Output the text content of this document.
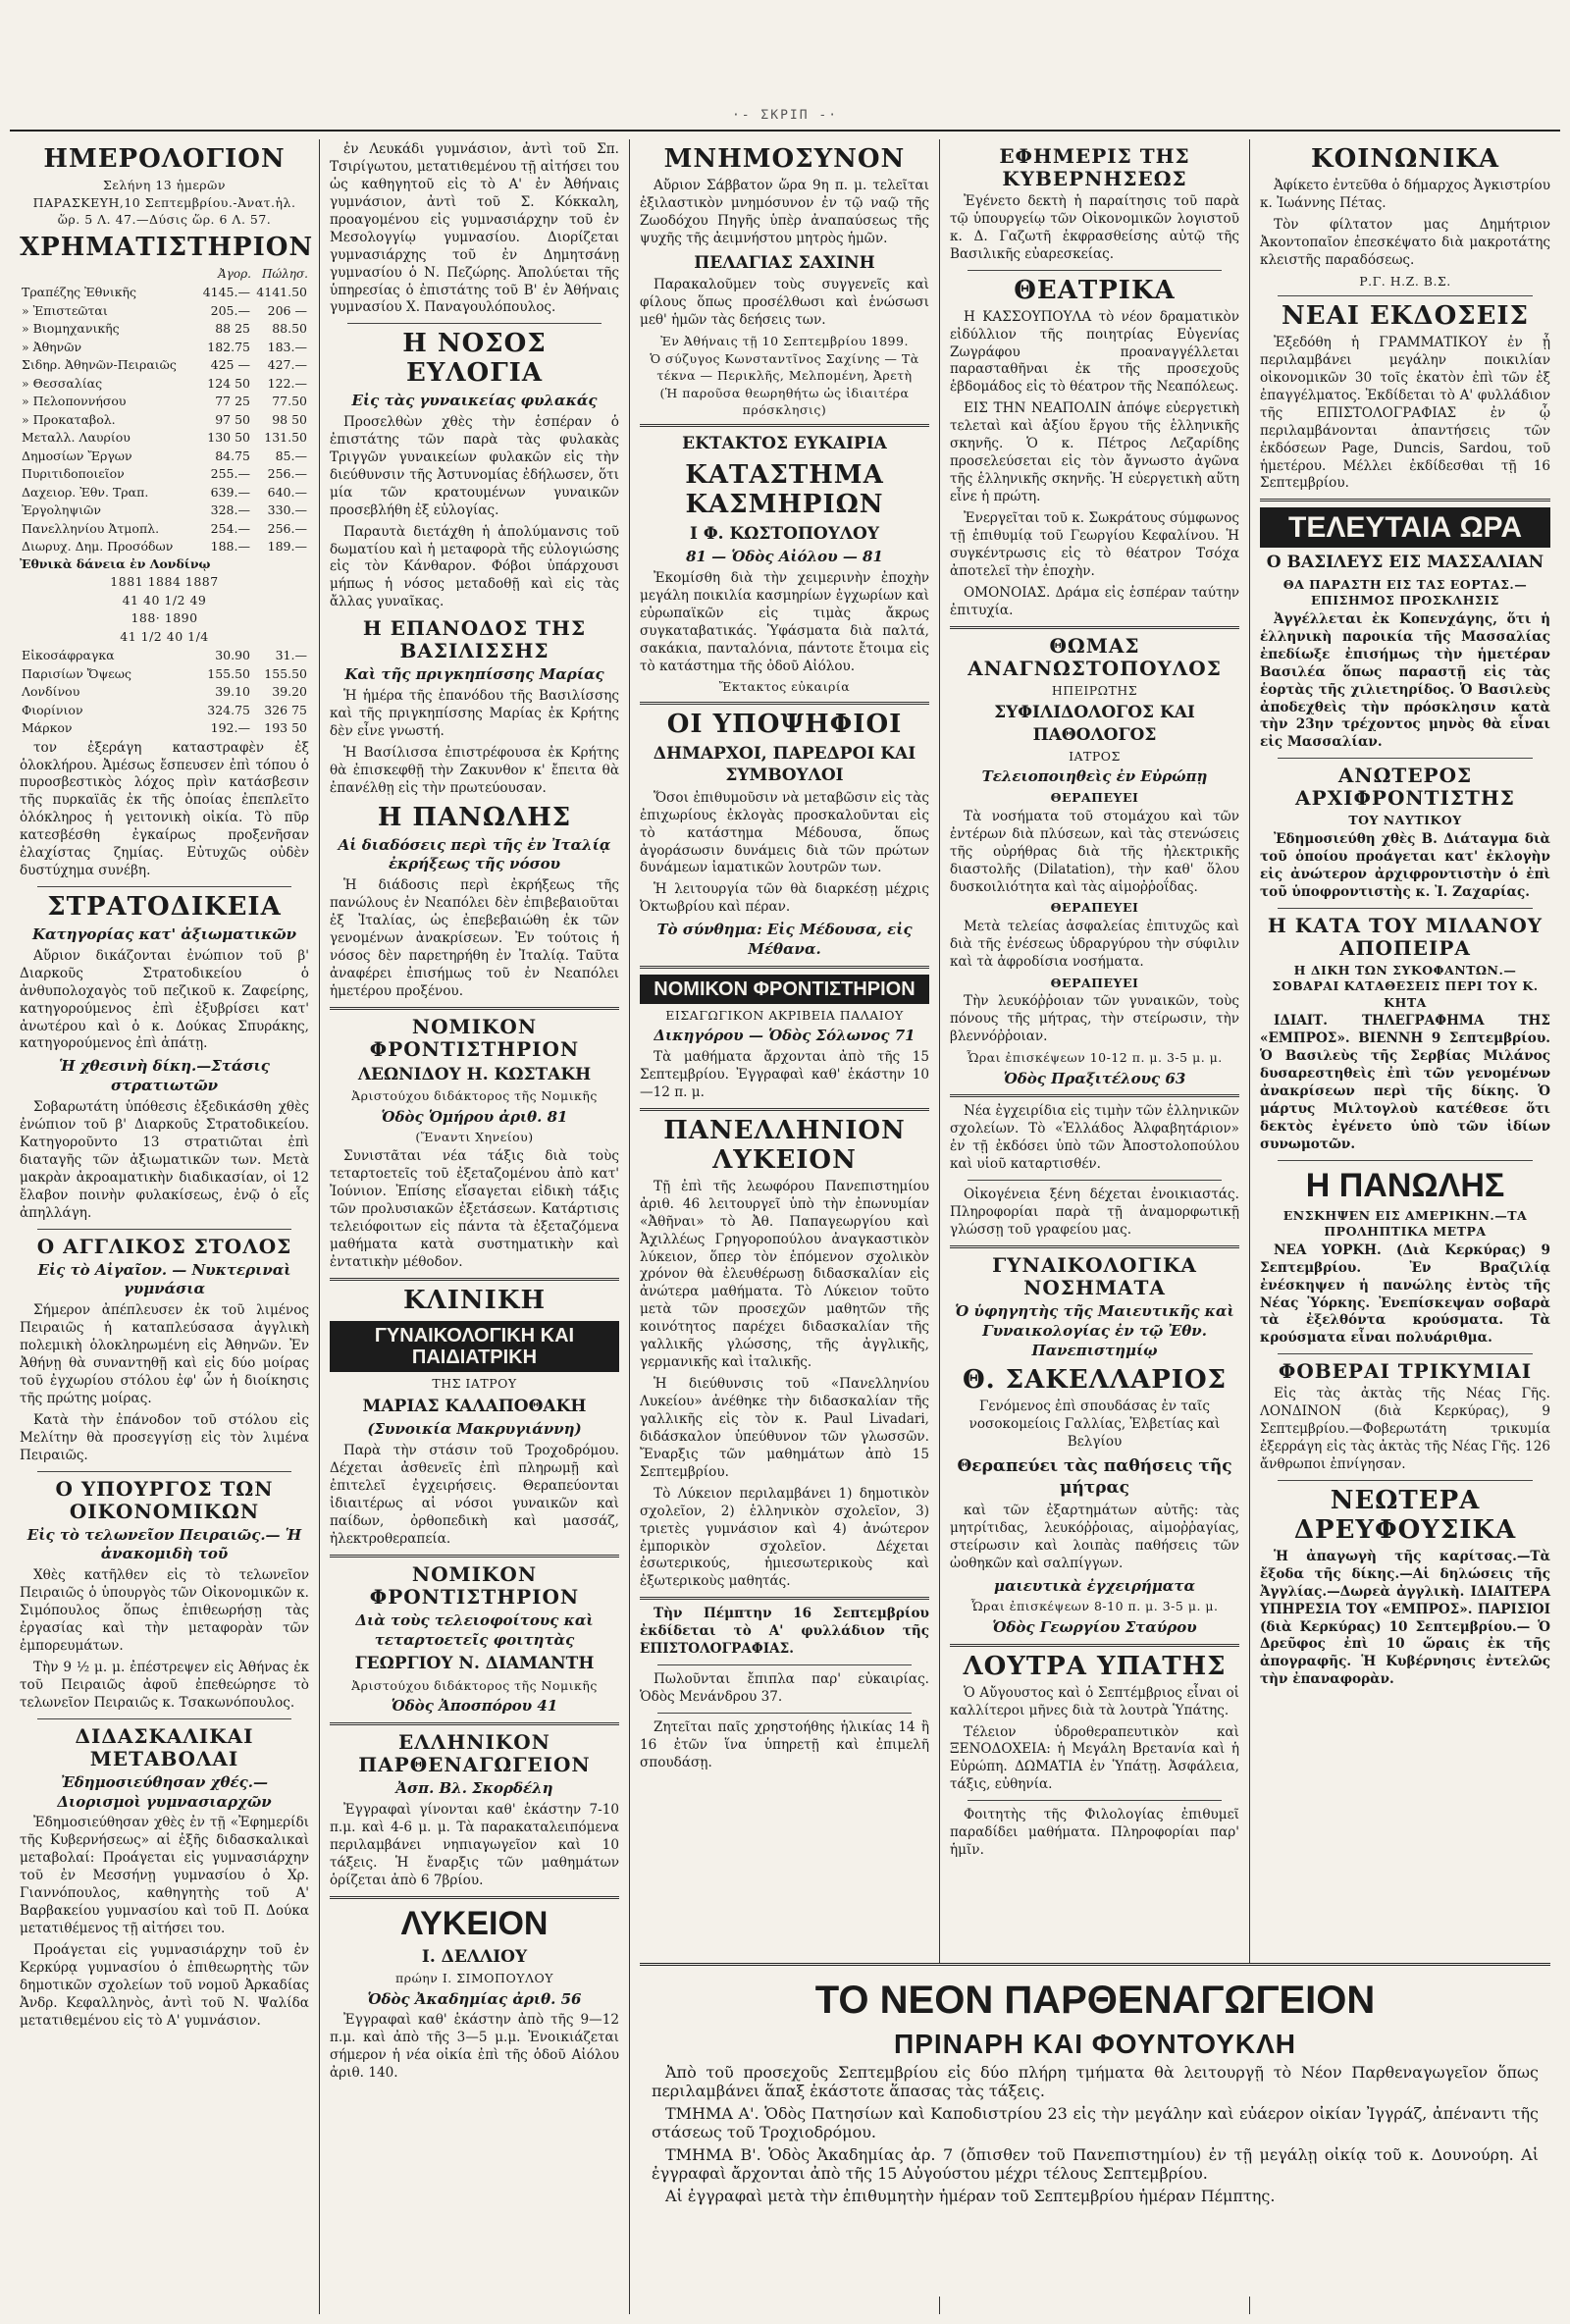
·‑ ΣΚΡΙΠ ‑·
ΗΜΕΡΟΛΟΓΙΟΝ
Σελήνη 13 ἡμερῶν
ΠΑΡΑΣΚΕΥΗ,10 Σεπτεμβρίου.-Ἀνατ.ἡλ. ὥρ. 5 Λ. 47.—Δύσις ὥρ. 6 Λ. 57.
ΧΡΗΜΑΤΙΣΤΗΡΙΟΝ
	Ἀγορ.	Πώλησ.
Τραπέζης Ἐθνικῆς	4145.—	4141.50
» Ἐπιστεῶται	205.—	206 —
» Βιομηχανικῆς	88 25	88.50
» Ἀθηνῶν	182.75	183.—
Σιδηρ. Ἀθηνῶν-Πειραιῶς	425 —	427.—
» Θεσσαλίας	124 50	122.—
» Πελοποννήσου	77 25	77.50
» Προκαταβολ.	97 50	98 50
Μεταλλ. Λαυρίου	130 50	131.50
Δημοσίων Ἔργων	84.75	85.—
Πυριτιδοποιεῖον	255.—	256.—
Δαχειορ. Ἐθν. Τραπ.	639.—	640.—
Ἐργοληψιῶν	328.—	330.—
Πανελληνίου Ἀτμοπλ.	254.—	256.—
Διωρυχ. Δημ. Προσόδων	188.—	189.—
Ἐθνικὰ δάνεια ἐν Λονδίνῳ
1881 1884 1887
41 40 1/2 49
188· 1890
41 1/2 40 1/4
Εἰκοσάφραγκα	30.90	31.—
Παρισίων Ὄψεως	155.50	155.50
Λονδίνου	39.10	39.20
Φιορίνιον	324.75	326 75
Μάρκον	192.—	193 50

τον ἐξεράγη καταστραφὲν ἐξ ὁλοκλήρου. Ἀμέσως ἔσπευσεν ἐπὶ τόπου ὁ πυροσβεστικὸς λόχος πρὶν κατάσβεσιν τῆς πυρκαϊᾶς ἐκ τῆς ὁποίας ἐπεπλεῖτο ὁλόκληρος ἡ γειτονικὴ οἰκία. Τὸ πῦρ κατεσβέσθη ἐγκαίρως προξενῆσαν ἐλαχίστας ζημίας. Εὐτυχῶς οὐδὲν δυστύχημα συνέβη.

ΣΤΡΑΤΟΔΙΚΕΙΑ
Κατηγορίας κατ' ἀξιωματικῶν

Αὔριον δικάζονται ἐνώπιον τοῦ β' Διαρκοῦς Στρατοδικείου ὁ ἀνθυπολοχαγὸς τοῦ πεζικοῦ κ. Ζαφείρης, κατηγορούμενος ἐπὶ ἐξυβρίσει κατ' ἀνωτέρου καὶ ὁ κ. Δούκας Σπυράκης, κατηγορούμενος ἐπὶ ἀπάτῃ.

Ἡ χθεσινὴ δίκη.—Στάσις στρατιωτῶν

Σοβαρωτάτη ὑπόθεσις ἐξεδικάσθη χθὲς ἐνώπιον τοῦ β' Διαρκοῦς Στρατοδικείου. Κατηγοροῦντο 13 στρατιῶται ἐπὶ διαταγῆς τῶν ἀξιωματικῶν των. Μετὰ μακρὰν ἀκροαματικὴν διαδικασίαν, οἱ 12 ἔλαβον ποινὴν φυλακίσεως, ἐνῷ ὁ εἷς ἀπηλλάγη.

Ο ΑΓΓΛΙΚΟΣ ΣΤΟΛΟΣ
Εἰς τὸ Αἰγαῖον. — Νυκτεριναὶ γυμνάσια

Σήμερον ἀπέπλευσεν ἐκ τοῦ λιμένος Πειραιῶς ἡ καταπλεύσασα ἀγγλικὴ πολεμικὴ ὁλοκληρωμένη εἰς Ἀθηνῶν. Ἐν Ἀθήνῃ θὰ συναντηθῇ καὶ εἰς δύο μοίρας τοῦ ἐγχωρίου στόλου ἐφ' ὧν ἡ διοίκησις τῆς πρώτης μοίρας.

Κατὰ τὴν ἐπάνοδον τοῦ στόλου εἰς Μελίτην θὰ προσεγγίσῃ εἰς τὸν λιμένα Πειραιῶς.

Ο ΥΠΟΥΡΓΟΣ ΤΩΝ ΟΙΚΟΝΟΜΙΚΩΝ
Εἰς τὸ τελωνεῖον Πειραιῶς.— Ἡ ἀνακομιδὴ τοῦ

Χθὲς κατῆλθεν εἰς τὸ τελωνεῖον Πειραιῶς ὁ ὑπουργὸς τῶν Οἰκονομικῶν κ. Σιμόπουλος ὅπως ἐπιθεωρήσῃ τὰς ἐργασίας καὶ τὴν μεταφορὰν τῶν ἐμπορευμάτων.

Τὴν 9 ½ μ. μ. ἐπέστρεψεν εἰς Ἀθήνας ἐκ τοῦ Πειραιῶς ἀφοῦ ἐπεθεώρησε τὸ τελωνεῖον Πειραιῶς κ. Τσακωνόπουλος.

ΔΙΔΑΣΚΑΛΙΚΑΙ ΜΕΤΑΒΟΛΑΙ
Ἐδημοσιεύθησαν χθές.— Διορισμοὶ γυμνασιαρχῶν

Ἐδημοσιεύθησαν χθὲς ἐν τῇ «Ἐφημερίδι τῆς Κυβερνήσεως» αἱ ἐξῆς διδασκαλικαὶ μεταβολαί: Προάγεται εἰς γυμνασιάρχην τοῦ ἐν Μεσσήνῃ γυμνασίου ὁ Χρ. Γιαννόπουλος, καθηγητὴς τοῦ Α' Βαρβακείου γυμνασίου καὶ τοῦ Π. Δούκα μετατιθέμενος τῇ αἰτήσει του.

Προάγεται εἰς γυμνασιάρχην τοῦ ἐν Κερκύρᾳ γυμνασίου ὁ ἐπιθεωρητὴς τῶν δημοτικῶν σχολείων τοῦ νομοῦ Ἀρκαδίας Ἀνδρ. Κεφαλληνὸς, ἀντὶ τοῦ Ν. Ψαλίδα μετατιθεμένου εἰς τὸ Α' γυμνάσιον.

ἐν Λευκάδι γυμνάσιον, ἀντὶ τοῦ Σπ. Τσιρίγωτου, μετατιθεμένου τῇ αἰτήσει του ὡς καθηγητοῦ εἰς τὸ Α' ἐν Ἀθήναις γυμνάσιον, ἀντὶ τοῦ Σ. Κόκκαλη, προαγομένου εἰς γυμνασιάρχην τοῦ ἐν Μεσολογγίῳ γυμνασίου. Διορίζεται γυμνασιάρχης τοῦ ἐν Δημητσάνῃ γυμνασίου ὁ Ν. Πεζώρης. Ἀπολύεται τῆς ὑπηρεσίας ὁ ἐπιστάτης τοῦ Β' ἐν Ἀθήναις γυμνασίου Χ. Παναγουλόπουλος.

Η ΝΟΣΟΣ ΕΥΛΟΓΙΑ
Εἰς τὰς γυναικείας φυλακάς

Προσελθὼν χθὲς τὴν ἑσπέραν ὁ ἐπιστάτης τῶν παρὰ τὰς φυλακὰς Τριγγῶν γυναικείων φυλακῶν εἰς τὴν διεύθυνσιν τῆς Ἀστυνομίας ἐδήλωσεν, ὅτι μία τῶν κρατουμένων γυναικῶν προσεβλήθη ἐξ εὐλογίας.

Παραυτὰ διετάχθη ἡ ἀπολύμανσις τοῦ δωματίου καὶ ἡ μεταφορὰ τῆς εὐλογιώσης εἰς τὸν Κάνθαρον. Φόβοι ὑπάρχουσι μήπως ἡ νόσος μεταδοθῇ καὶ εἰς τὰς ἄλλας γυναῖκας.

Η ΕΠΑΝΟΔΟΣ ΤΗΣ ΒΑΣΙΛΙΣΣΗΣ
Καὶ τῆς πριγκηπίσσης Μαρίας

Ἡ ἡμέρα τῆς ἐπανόδου τῆς Βασιλίσσης καὶ τῆς πριγκηπίσσης Μαρίας ἐκ Κρήτης δὲν εἶνε γνωστή.

Ἡ Βασίλισσα ἐπιστρέφουσα ἐκ Κρήτης θὰ ἐπισκεφθῇ τὴν Ζακυνθον κ' ἔπειτα θὰ ἐπανέλθῃ εἰς τὴν πρωτεύουσαν.

Η ΠΑΝΩΛΗΣ
Αἱ διαδόσεις περὶ τῆς ἐν Ἰταλίᾳ ἐκρήξεως τῆς νόσου

Ἡ διάδοσις περὶ ἐκρήξεως τῆς πανώλους ἐν Νεαπόλει δὲν ἐπιβεβαιοῦται ἐξ Ἰταλίας, ὡς ἐπεβεβαιώθη ἐκ τῶν γενομένων ἀνακρίσεων. Ἐν τούτοις ἡ νόσος δὲν παρετηρήθη ἐν Ἰταλίᾳ. Ταῦτα ἀναφέρει ἐπισήμως τοῦ ἐν Νεαπόλει ἡμετέρου προξένου.

ΝΟΜΙΚΟΝ ΦΡΟΝΤΙΣΤΗΡΙΟΝ
ΛΕΩΝΙΔΟΥ Η. ΚΩΣΤΑΚΗ
Ἀριστούχου διδάκτορος τῆς Νομικῆς
Ὁδὸς Ὁμήρου ἀριθ. 81
(Ἔναντι Χηνείου)

Συνιστᾶται νέα τάξις διὰ τοὺς τεταρτοετεῖς τοῦ ἐξεταζομένου ἀπὸ κατ' Ἰούνιον. Ἐπίσης εἴσαγεται εἰδικὴ τάξις τῶν προλυσιακῶν ἐξετάσεων. Κατάρτισις τελειόφοιτων εἰς πάντα τὰ ἐξεταζόμενα μαθήματα κατὰ συστηματικὴν καὶ ἐντατικὴν μέθοδον.

ΚΛΙΝΙΚΗ
ΓΥΝΑΙΚΟΛΟΓΙΚΗ ΚΑΙ ΠΑΙΔΙΑΤΡΙΚΗ
ΤΗΣ ΙΑΤΡΟΥ
ΜΑΡΙΑΣ ΚΑΛΑΠΟΘΑΚΗ
(Συνοικία Μακρυγιάννη)

Παρὰ τὴν στάσιν τοῦ Τροχοδρόμου. Δέχεται ἀσθενεῖς ἐπὶ πληρωμῇ καὶ ἐπιτελεῖ ἐγχειρήσεις. Θεραπεύονται ἰδιαιτέρως αἱ νόσοι γυναικῶν καὶ παίδων, ὀρθοπεδικὴ καὶ μασσάζ, ἠλεκτροθεραπεία.

ΝΟΜΙΚΟΝ ΦΡΟΝΤΙΣΤΗΡΙΟΝ
Διὰ τοὺς τελειοφοίτους καὶ τεταρτοετεῖς φοιτητὰς
ΓΕΩΡΓΙΟΥ Ν. ΔΙΑΜΑΝΤΗ
Ἀριστούχου διδάκτορος τῆς Νομικῆς
Ὁδὸς Ἀποσπόρου 41
ΕΛΛΗΝΙΚΟΝ ΠΑΡΘΕΝΑΓΩΓΕΙΟΝ
Ἀσπ. Βλ. Σκορδέλη

Ἐγγραφαὶ γίνονται καθ' ἑκάστην 7-10 π.μ. καὶ 4-6 μ. μ. Τὰ παρακαταλειπόμενα περιλαμβάνει νηπιαγωγεῖον καὶ 10 τάξεις. Ἡ ἔναρξις τῶν μαθημάτων ὁρίζεται ἀπὸ 6 7βρίου.

ΛΥΚΕΙΟΝ
Ι. ΔΕΛΛΙΟΥ
πρώην Ι. ΣΙΜΟΠΟΥΛΟΥ
Ὁδὸς Ἀκαδημίας ἀριθ. 56

Ἐγγραφαὶ καθ' ἑκάστην ἀπὸ τῆς 9—12 π.μ. καὶ ἀπὸ τῆς 3—5 μ.μ. Ἐνοικιάζεται σήμερον ἡ νέα οἰκία ἐπὶ τῆς ὁδοῦ Αἰόλου ἀριθ. 140.

ΜΝΗΜΟΣΥΝΟΝ

Αὔριον Σάββατον ὥρα 9η π. μ. τελεῖται ἐξιλαστικὸν μνημόσυνον ἐν τῷ ναῷ τῆς Ζωοδόχου Πηγῆς ὑπὲρ ἀναπαύσεως τῆς ψυχῆς τῆς ἀειμνήστου μητρὸς ἡμῶν.

ΠΕΛΑΓΙΑΣ ΣΑΧΙΝΗ

Παρακαλοῦμεν τοὺς συγγενεῖς καὶ φίλους ὅπως προσέλθωσι καὶ ἑνώσωσι μεθ' ἡμῶν τὰς δεήσεις των.

Ἐν Ἀθήναις τῇ 10 Σεπτεμβρίου 1899.
Ὁ σύζυγος Κωνσταντῖνος Σαχίνης — Τὰ τέκνα — Περικλῆς, Μελπομένη, Ἀρετὴ
(Ἡ παροῦσα θεωρηθήτω ὡς ἰδιαιτέρα πρόσκλησις)
ΕΚΤΑΚΤΟΣ ΕΥΚΑΙΡΙΑ
ΚΑΤΑΣΤΗΜΑ ΚΑΣΜΗΡΙΩΝ
Ι Φ. ΚΩΣΤΟΠΟΥΛΟΥ
81 — Ὁδὸς Αἰόλου — 81

Ἐκομίσθη διὰ τὴν χειμερινὴν ἐποχὴν μεγάλη ποικιλία κασμηρίων ἐγχωρίων καὶ εὐρωπαϊκῶν εἰς τιμὰς ἄκρως συγκαταβατικάς. Ὑφάσματα διὰ παλτά, σακάκια, πανταλόνια, πάντοτε ἔτοιμα εἰς τὸ κατάστημα τῆς ὁδοῦ Αἰόλου.

Ἔκτακτος εὐκαιρία
ΟΙ ΥΠΟΨΗΦΙΟΙ
ΔΗΜΑΡΧΟΙ, ΠΑΡΕΔΡΟΙ ΚΑΙ ΣΥΜΒΟΥΛΟΙ

Ὅσοι ἐπιθυμοῦσιν νὰ μεταβῶσιν εἰς τὰς ἐπιχωρίους ἐκλογὰς προσκαλοῦνται εἰς τὸ κατάστημα Μέδουσα, ὅπως ἀγοράσωσιν δυνάμεις διὰ τῶν πρώτων δυνάμεων ἰαματικῶν λουτρῶν των.

Ἡ λειτουργία τῶν θὰ διαρκέσῃ μέχρις Ὀκτωβρίου καὶ πέραν.

Τὸ σύνθημα: Εἰς Μέδουσα, εἰς Μέθανα.
ΝΟΜΙΚΟΝ ΦΡΟΝΤΙΣΤΗΡΙΟΝ
ΕΙΣΑΓΩΓΙΚΟΝ ΑΚΡΙΒΕΙΑ ΠΑΛΑΙΟΥ
Δικηγόρου — Ὁδὸς Σόλωνος 71

Τὰ μαθήματα ἄρχονται ἀπὸ τῆς 15 Σεπτεμβρίου. Ἐγγραφαὶ καθ' ἑκάστην 10—12 π. μ.

ΠΑΝΕΛΛΗΝΙΟΝ ΛΥΚΕΙΟΝ

Τῇ ἐπὶ τῆς λεωφόρου Πανεπιστημίου ἀριθ. 46 λειτουργεῖ ὑπὸ τὴν ἐπωνυμίαν «Ἀθῆναι» τὸ Ἀθ. Παπαγεωργίου καὶ Ἀχιλλέως Γρηγοροπούλου ἀναγκαστικὸν λύκειον, ὅπερ τὸν ἑπόμενον σχολικὸν χρόνον θὰ ἐλευθέρωσῃ διδασκαλίαν εἰς ἀνώτερα μαθήματα. Τὸ Λύκειον τοῦτο μετὰ τῶν προσεχῶν μαθητῶν τῆς κοινότητος παρέχει διδασκαλίαν τῆς γαλλικῆς γλώσσης, τῆς ἀγγλικῆς, γερμανικῆς καὶ ἰταλικῆς.

Ἡ διεύθυνσις τοῦ «Πανελληνίου Λυκείου» ἀνέθηκε τὴν διδασκαλίαν τῆς γαλλικῆς εἰς τὸν κ. Paul Livadari, διδάσκαλον ὑπεύθυνον τῶν γλωσσῶν. Ἔναρξις τῶν μαθημάτων ἀπὸ 15 Σεπτεμβρίου.

Τὸ Λύκειον περιλαμβάνει 1) δημοτικὸν σχολεῖον, 2) ἑλληνικὸν σχολεῖον, 3) τριετὲς γυμνάσιον καὶ 4) ἀνώτερον ἐμπορικὸν σχολεῖον. Δέχεται ἐσωτερικούς, ἡμιεσωτερικοὺς καὶ ἐξωτερικοὺς μαθητάς.

Τὴν Πέμπτην 16 Σεπτεμβρίου ἐκδίδεται τὸ Α' φυλλάδιον τῆς ΕΠΙΣΤΟΛΟΓΡΑΦΙΑΣ.

Πωλοῦνται ἔπιπλα παρ' εὐκαιρίας. Ὁδὸς Μενάνδρου 37.

Ζητεῖται παῖς χρηστοήθης ἡλικίας 14 ἢ 16 ἐτῶν ἵνα ὑπηρετῇ καὶ ἐπιμελῆ σπουδάσῃ.

ΕΦΗΜΕΡΙΣ ΤΗΣ ΚΥΒΕΡΝΗΣΕΩΣ

Ἐγένετο δεκτὴ ἡ παραίτησις τοῦ παρὰ τῷ ὑπουργείῳ τῶν Οἰκονομικῶν λογιστοῦ κ. Δ. Γαζωτῆ ἐκφρασθείσης αὐτῷ τῆς Βασιλικῆς εὐαρεσκείας.

ΘΕΑΤΡΙΚΑ

Η ΚΑΣΣΟΥΠΟΥΛΑ τὸ νέον δραματικὸν εἰδύλλιον τῆς ποιητρίας Εὐγενίας Ζωγράφου προαναγγέλλεται παρασταθῆναι ἐκ τῆς προσεχοῦς ἑβδομάδος εἰς τὸ θέατρον τῆς Νεαπόλεως.

ΕΙΣ ΤΗΝ ΝΕΑΠΟΛΙΝ ἀπόψε εὐεργετικὴ τελεταὶ καὶ ἀξίου ἔργου τῆς ἑλληνικῆς σκηνῆς. Ὁ κ. Πέτρος Λεζαρίδης προσελεύσεται εἰς τὸν ἄγνωστο ἀγῶνα τῆς ἑλληνικῆς σκηνῆς. Ἡ εὐεργετικὴ αὕτη εἶνε ἡ πρώτη.

Ἐνεργεῖται τοῦ κ. Σωκράτους σύμφωνος τῇ ἐπιθυμίᾳ τοῦ Γεωργίου Κεφαλίνου. Ἡ συγκέντρωσις εἰς τὸ θέατρον Τσόχα ἀποτελεῖ τὴν ἐποχὴν.

ΟΜΟΝΟΙΑΣ. Δράμα εἰς ἑσπέραν ταύτην ἐπιτυχία.

ΘΩΜΑΣ ΑΝΑΓΝΩΣΤΟΠΟΥΛΟΣ
ΗΠΕΙΡΩΤΗΣ
ΣΥΦΙΛΙΔΟΛΟΓΟΣ ΚΑΙ ΠΑΘΟΛΟΓΟΣ
ΙΑΤΡΟΣ
Τελειοποιηθεὶς ἐν Εὐρώπῃ
ΘΕΡΑΠΕΥΕΙ

Τὰ νοσήματα τοῦ στομάχου καὶ τῶν ἐντέρων διὰ πλύσεων, καὶ τὰς στενώσεις τῆς οὐρήθρας διὰ τῆς ἠλεκτρικῆς διαστολῆς (Dilatation), τὴν καθ' ὅλου δυσκοιλιότητα καὶ τὰς αἱμοῤῥοΐδας.

ΘΕΡΑΠΕΥΕΙ

Μετὰ τελείας ἀσφαλείας ἐπιτυχῶς καὶ διὰ τῆς ἐνέσεως ὑδραργύρου τὴν σύφιλιν καὶ τὰ ἀφροδίσια νοσήματα.

ΘΕΡΑΠΕΥΕΙ

Τὴν λευκόῤῥοιαν τῶν γυναικῶν, τοὺς πόνους τῆς μήτρας, τὴν στείρωσιν, τὴν βλεννόῤῥοιαν.

Ὧραι ἐπισκέψεων 10-12 π. μ. 3-5 μ. μ.
Ὁδὸς Πραξιτέλους 63

Νέα ἐγχειρίδια εἰς τιμὴν τῶν ἑλληνικῶν σχολείων. Τὸ «Ἑλλάδος Ἀλφαβητάριον» ἐν τῇ ἐκδόσει ὑπὸ τῶν Ἀποστολοπούλου καὶ υἱοῦ καταρτισθέν.

Οἰκογένεια ξένη δέχεται ἐνοικιαστάς. Πληροφορίαι παρὰ τῇ ἀναμορφωτικῇ γλώσσῃ τοῦ γραφείου μας.

ΓΥΝΑΙΚΟΛΟΓΙΚΑ ΝΟΣΗΜΑΤΑ
Ὁ ὑφηγητὴς τῆς Μαιευτικῆς καὶ Γυναικολογίας ἐν τῷ Ἐθν. Πανεπιστημίῳ
Θ. ΣΑΚΕΛΛΑΡΙΟΣ

Γενόμενος ἐπὶ σπουδάσας ἐν ταῖς νοσοκομείοις Γαλλίας, Ἑλβετίας καὶ Βελγίου

Θεραπεύει τὰς παθήσεις τῆς μήτρας

καὶ τῶν ἐξαρτημάτων αὐτῆς: τὰς μητρίτιδας, λευκόῤῥοιας, αἱμοῤῥαγίας, στείρωσιν καὶ λοιπὰς παθήσεις τῶν ὠοθηκῶν καὶ σαλπίγγων.

μαιευτικὰ ἐγχειρήματα
Ὧραι ἐπισκέψεων 8-10 π. μ. 3-5 μ. μ.
Ὁδὸς Γεωργίου Σταύρου
ΛΟΥΤΡΑ ΥΠΑΤΗΣ

Ὁ Αὔγουστος καὶ ὁ Σεπτέμβριος εἶναι οἱ καλλίτεροι μῆνες διὰ τὰ λουτρὰ Ὑπάτης.

Τέλειον ὑδροθεραπευτικὸν καὶ ΞΕΝΟΔΟΧΕΙΑ: ἡ Μεγάλη Βρετανία καὶ ἡ Εὐρώπη. ΔΩΜΑΤΙΑ ἐν Ὑπάτῃ. Ἀσφάλεια, τάξις, εὐθηνία.

Φοιτητὴς τῆς Φιλολογίας ἐπιθυμεῖ παραδίδει μαθήματα. Πληροφορίαι παρ' ἡμῖν.

ΚΟΙΝΩΝΙΚΑ

Ἀφίκετο ἐντεῦθα ὁ δήμαρχος Ἀγκιστρίου κ. Ἰωάννης Πέτας.

Τὸν φίλτατον μας Δημήτριον Ἀκοντοπαῖον ἐπεσκέψατο διὰ μακροτάτης κλειστῆς παραδόσεως.

Ρ.Γ. Η.Ζ. Β.Σ.
ΝΕΑΙ ΕΚΔΟΣΕΙΣ

Ἐξεδόθη ἡ ΓΡΑΜΜΑΤΙΚΟΥ ἐν ᾗ περιλαμβάνει μεγάλην ποικιλίαν οἰκονομικῶν 30 τοῖς ἑκατὸν ἐπὶ τῶν ἐξ ἐπαγγέλματος. Ἐκδίδεται τὸ Α' φυλλάδιον τῆς ΕΠΙΣΤΟΛΟΓΡΑΦΙΑΣ ἐν ᾧ περιλαμβάνονται ἀπαντήσεις τῶν ἐκδόσεων Page, Duncis, Sardou, τοῦ ἡμετέρου. Μέλλει ἐκδίδεσθαι τῇ 16 Σεπτεμβρίου.

ΤΕΛΕΥΤΑΙΑ ΩΡΑ
Ο ΒΑΣΙΛΕΥΣ ΕΙΣ ΜΑΣΣΑΛΙΑΝ
ΘΑ ΠΑΡΑΣΤΗ ΕΙΣ ΤΑΣ ΕΟΡΤΑΣ.— ΕΠΙΣΗΜΟΣ ΠΡΟΣΚΛΗΣΙΣ

Ἀγγέλλεται ἐκ Κοπενχάγης, ὅτι ἡ ἑλληνικὴ παροικία τῆς Μασσαλίας ἐπεδίωξε ἐπισήμως τὴν ἡμετέραν Βασιλέα ὅπως παραστῇ εἰς τὰς ἑορτὰς τῆς χιλιετηρίδος. Ὁ Βασιλεὺς ἀποδεχθεὶς τὴν πρόσκλησιν κατὰ τὴν 23ην τρέχοντος μηνὸς θὰ εἶναι εἰς Μασσαλίαν.

ΑΝΩΤΕΡΟΣ ΑΡΧΙΦΡΟΝΤΙΣΤΗΣ
ΤΟΥ ΝΑΥΤΙΚΟΥ

Ἐδημοσιεύθη χθὲς Β. Διάταγμα διὰ τοῦ ὁποίου προάγεται κατ' ἐκλογὴν εἰς ἀνώτερον ἀρχιφροντιστὴν ὁ ἐπὶ τοῦ ὑποφροντιστὴς κ. Ἰ. Ζαχαρίας.

Η ΚΑΤΑ ΤΟΥ ΜΙΛΑΝΟΥ ΑΠΟΠΕΙΡΑ
Η ΔΙΚΗ ΤΩΝ ΣΥΚΟΦΑΝΤΩΝ.— ΣΟΒΑΡΑΙ ΚΑΤΑΘΕΣΕΙΣ ΠΕΡΙ ΤΟΥ Κ. ΚΗΤΑ

ΙΔΙΑΙΤ. ΤΗΛΕΓΡΑΦΗΜΑ ΤΗΣ «ΕΜΠΡΟΣ». ΒΙΕΝΝΗ 9 Σεπτεμβρίου. Ὁ Βασιλεὺς τῆς Σερβίας Μιλάνος δυσαρεστηθεὶς ἐπὶ τῶν γενομένων ἀνακρίσεων περὶ τῆς δίκης. Ὁ μάρτυς Μιλτογλοὺ κατέθεσε ὅτι δεκτὸς ἐγένετο ὑπὸ τῶν ἰδίων συνωμοτῶν.

Η ΠΑΝΩΛΗΣ
ΕΝΣΚΗΨΕΝ ΕΙΣ ΑΜΕΡΙΚΗΝ.—ΤΑ ΠΡΟΛΗΠΤΙΚΑ ΜΕΤΡΑ

ΝΕΑ ΥΟΡΚΗ. (Διὰ Κερκύρας) 9 Σεπτεμβρίου. Ἐν Βραζιλίᾳ ἐνέσκηψεν ἡ πανώλης ἐντὸς τῆς Νέας Ὑόρκης. Ἐνεπίσκεψαν σοβαρὰ τὰ ἐξελθόντα κρούσματα. Τὰ κρούσματα εἶναι πολυάριθμα.

ΦΟΒΕΡΑΙ ΤΡΙΚΥΜΙΑΙ

Εἰς τὰς ἀκτὰς τῆς Νέας Γῆς. ΛΟΝΔΙΝΟΝ (διὰ Κερκύρας), 9 Σεπτεμβρίου.—Φοβερωτάτη τρικυμία ἐξερράγη εἰς τὰς ἀκτὰς τῆς Νέας Γῆς. 126 ἄνθρωποι ἐπνίγησαν.

ΝΕΩΤΕΡΑ ΔΡΕΥΦΟΥΣΙΚΑ

Ἡ ἀπαγωγὴ τῆς καρίτσας.—Τὰ ἔξοδα τῆς δίκης.—Αἱ δηλώσεις τῆς Ἀγγλίας.—Δωρεὰ ἀγγλικὴ. ΙΔΙΑΙΤΕΡΑ ΥΠΗΡΕΣΙΑ ΤΟΥ «ΕΜΠΡΟΣ». ΠΑΡΙΣΙΟΙ (διὰ Κερκύρας) 10 Σεπτεμβρίου.— Ὁ Δρεῦφος ἐπὶ 10 ὥραις ἐκ τῆς ἀπογραφῆς. Ἡ Κυβέρνησις ἐντελῶς τὴν ἐπαναφορὰν.

ΤΟ ΝΕΟΝ ΠΑΡΘΕΝΑΓΩΓΕΙΟΝ
ΠΡΙΝΑΡΗ ΚΑΙ ΦΟΥΝΤΟΥΚΛΗ

Ἀπὸ τοῦ προσεχοῦς Σεπτεμβρίου εἰς δύο πλήρη τμήματα θὰ λειτουργῇ τὸ Νέον Παρθεναγωγεῖον ὅπως περιλαμβάνει ἅπαξ ἐκάστοτε ἅπασας τὰς τάξεις.

ΤΜΗΜΑ Α'. Ὁδὸς Πατησίων καὶ Καποδιστρίου 23 εἰς τὴν μεγάλην καὶ εὐάερον οἰκίαν Ἰγγράζ, ἀπέναντι τῆς στάσεως τοῦ Τροχιοδρόμου.

ΤΜΗΜΑ Β'. Ὁδὸς Ἀκαδημίας ἀρ. 7 (ὄπισθεν τοῦ Πανεπιστημίου) ἐν τῇ μεγάλῃ οἰκίᾳ τοῦ κ. Δουνούρη. Αἱ ἐγγραφαὶ ἄρχονται ἀπὸ τῆς 15 Αὐγούστου μέχρι τέλους Σεπτεμβρίου.

Αἱ ἐγγραφαὶ μετὰ τὴν ἐπιθυμητὴν ἡμέραν τοῦ Σεπτεμβρίου ἡμέραν Πέμπτης.
